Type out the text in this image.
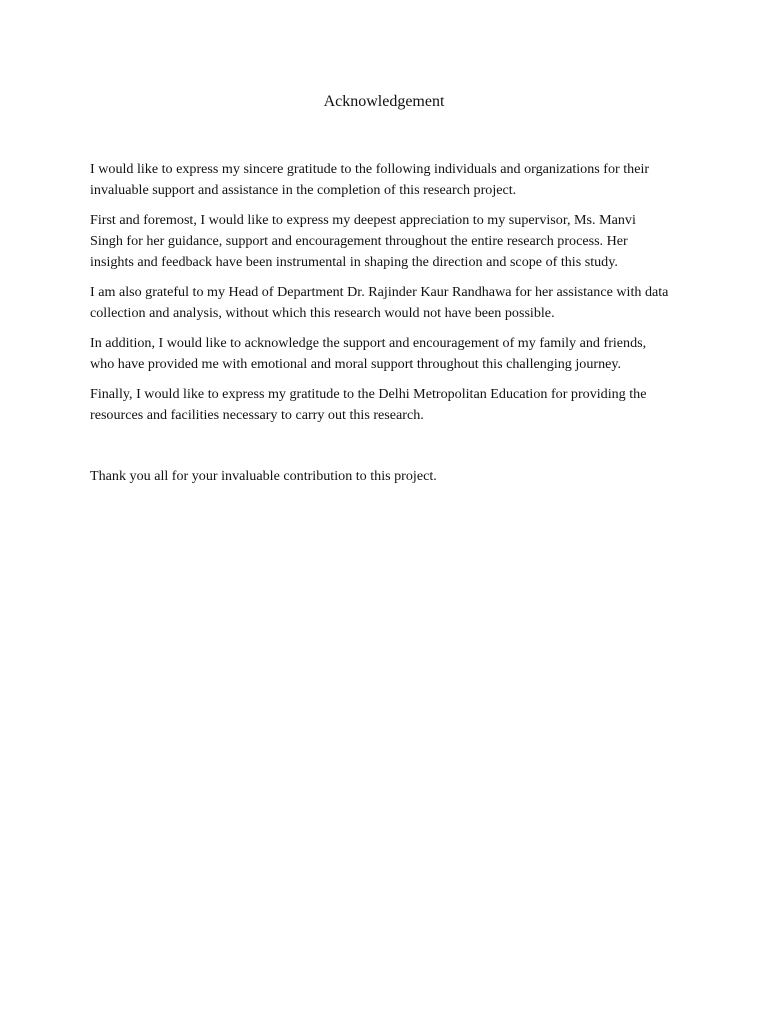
Acknowledgement

I would like to express my sincere gratitude to the following individuals and organizations for their invaluable support and assistance in the completion of this research project.

First and foremost, I would like to express my deepest appreciation to my supervisor, Ms. Manvi Singh for her guidance, support and encouragement throughout the entire research process. Her insights and feedback have been instrumental in shaping the direction and scope of this study.

I am also grateful to my Head of Department Dr. Rajinder Kaur Randhawa for her assistance with data collection and analysis, without which this research would not have been possible.

In addition, I would like to acknowledge the support and encouragement of my family and friends, who have provided me with emotional and moral support throughout this challenging journey.

Finally, I would like to express my gratitude to the Delhi Metropolitan Education for providing the resources and facilities necessary to carry out this research.

Thank you all for your invaluable contribution to this project.
